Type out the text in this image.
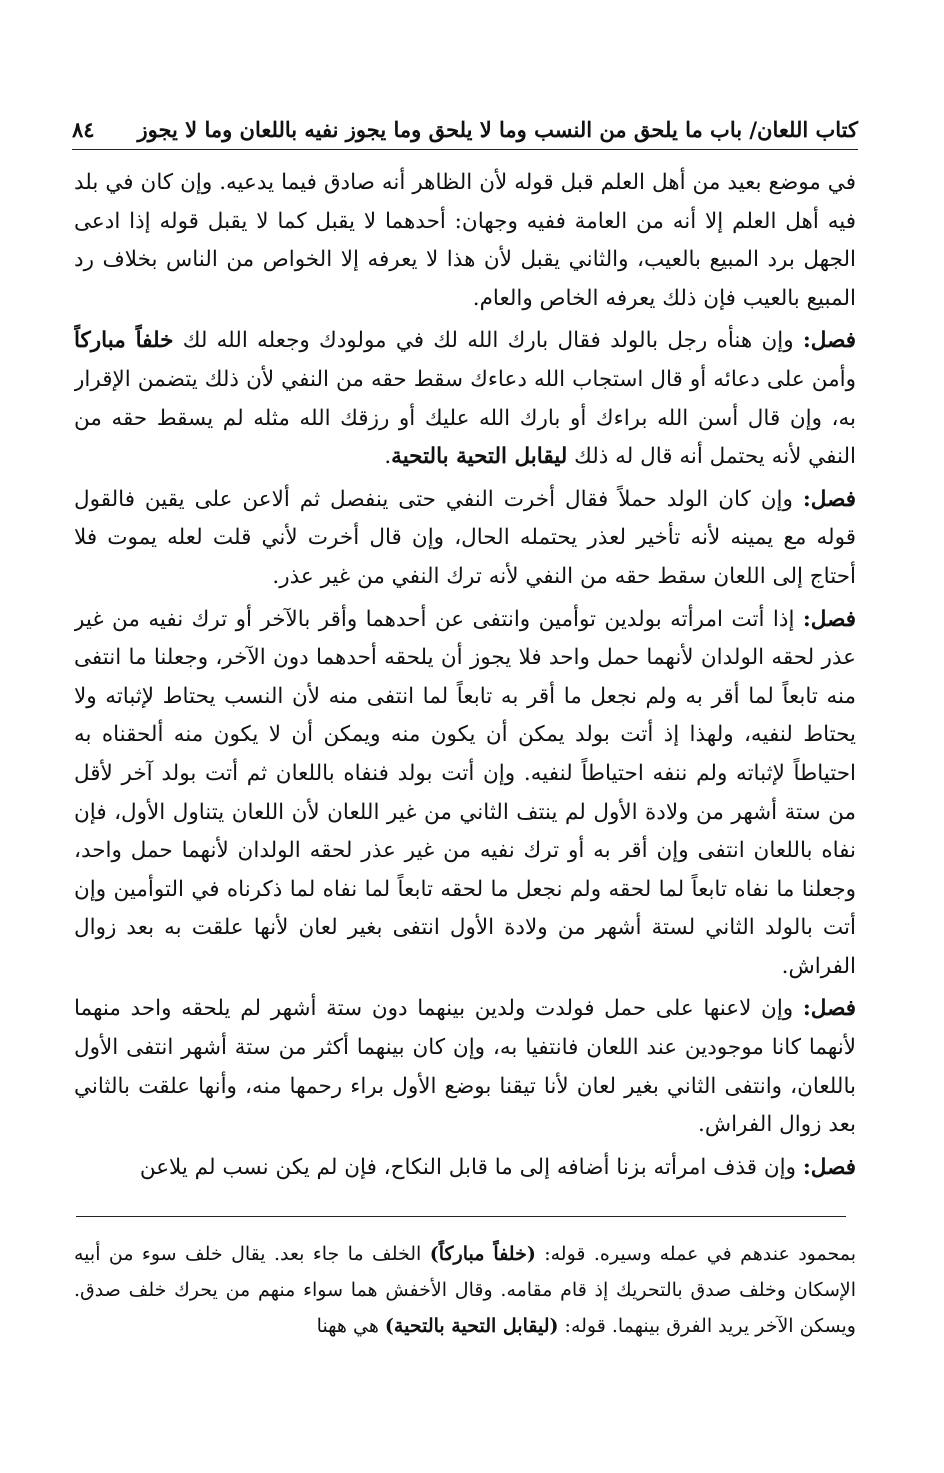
كتاب اللعان/ باب ما يلحق من النسب وما لا يلحق وما يجوز نفيه باللعان وما لا يجوز
٨٤

في موضع بعيد من أهل العلم قبل قوله لأن الظاهر أنه صادق فيما يدعيه. وإن كان في بلد فيه أهل العلم إلا أنه من العامة ففيه وجهان: أحدهما لا يقبل كما لا يقبل قوله إذا ادعى الجهل برد المبيع بالعيب، والثاني يقبل لأن هذا لا يعرفه إلا الخواص من الناس بخلاف رد المبيع بالعيب فإن ذلك يعرفه الخاص والعام.

فصل: وإن هنأه رجل بالولد فقال بارك الله لك في مولودك وجعله الله لك خلفاً مباركاً وأمن على دعائه أو قال استجاب الله دعاءك سقط حقه من النفي لأن ذلك يتضمن الإقرار به، وإن قال أسن الله براءك أو بارك الله عليك أو رزقك الله مثله لم يسقط حقه من النفي لأنه يحتمل أنه قال له ذلك ليقابل التحية بالتحية.

فصل: وإن كان الولد حملاً فقال أخرت النفي حتى ينفصل ثم ألاعن على يقين فالقول قوله مع يمينه لأنه تأخير لعذر يحتمله الحال، وإن قال أخرت لأني قلت لعله يموت فلا أحتاج إلى اللعان سقط حقه من النفي لأنه ترك النفي من غير عذر.

فصل: إذا أتت امرأته بولدين توأمين وانتفى عن أحدهما وأقر بالآخر أو ترك نفيه من غير عذر لحقه الولدان لأنهما حمل واحد فلا يجوز أن يلحقه أحدهما دون الآخر، وجعلنا ما انتفى منه تابعاً لما أقر به ولم نجعل ما أقر به تابعاً لما انتفى منه لأن النسب يحتاط لإثباته ولا يحتاط لنفيه، ولهذا إذ أتت بولد يمكن أن يكون منه ويمكن أن لا يكون منه ألحقناه به احتياطاً لإثباته ولم ننفه احتياطاً لنفيه. وإن أتت بولد فنفاه باللعان ثم أتت بولد آخر لأقل من ستة أشهر من ولادة الأول لم ينتف الثاني من غير اللعان لأن اللعان يتناول الأول، فإن نفاه باللعان انتفى وإن أقر به أو ترك نفيه من غير عذر لحقه الولدان لأنهما حمل واحد، وجعلنا ما نفاه تابعاً لما لحقه ولم نجعل ما لحقه تابعاً لما نفاه لما ذكرناه في التوأمين وإن أتت بالولد الثاني لستة أشهر من ولادة الأول انتفى بغير لعان لأنها علقت به بعد زوال الفراش.

فصل: وإن لاعنها على حمل فولدت ولدين بينهما دون ستة أشهر لم يلحقه واحد منهما لأنهما كانا موجودين عند اللعان فانتفيا به، وإن كان بينهما أكثر من ستة أشهر انتفى الأول باللعان، وانتفى الثاني بغير لعان لأنا تيقنا بوضع الأول براء رحمها منه، وأنها علقت بالثاني بعد زوال الفراش.

فصل: وإن قذف امرأته بزنا أضافه إلى ما قابل النكاح، فإن لم يكن نسب لم يلاعن

بمحمود عندهم في عمله وسيره. قوله: (خلفاً مباركاً) الخلف ما جاء بعد. يقال خلف سوء من أبيه الإسكان وخلف صدق بالتحريك إذ قام مقامه. وقال الأخفش هما سواء منهم من يحرك خلف صدق. ويسكن الآخر يريد الفرق بينهما. قوله: (ليقابل التحية بالتحية) هي ههنا
